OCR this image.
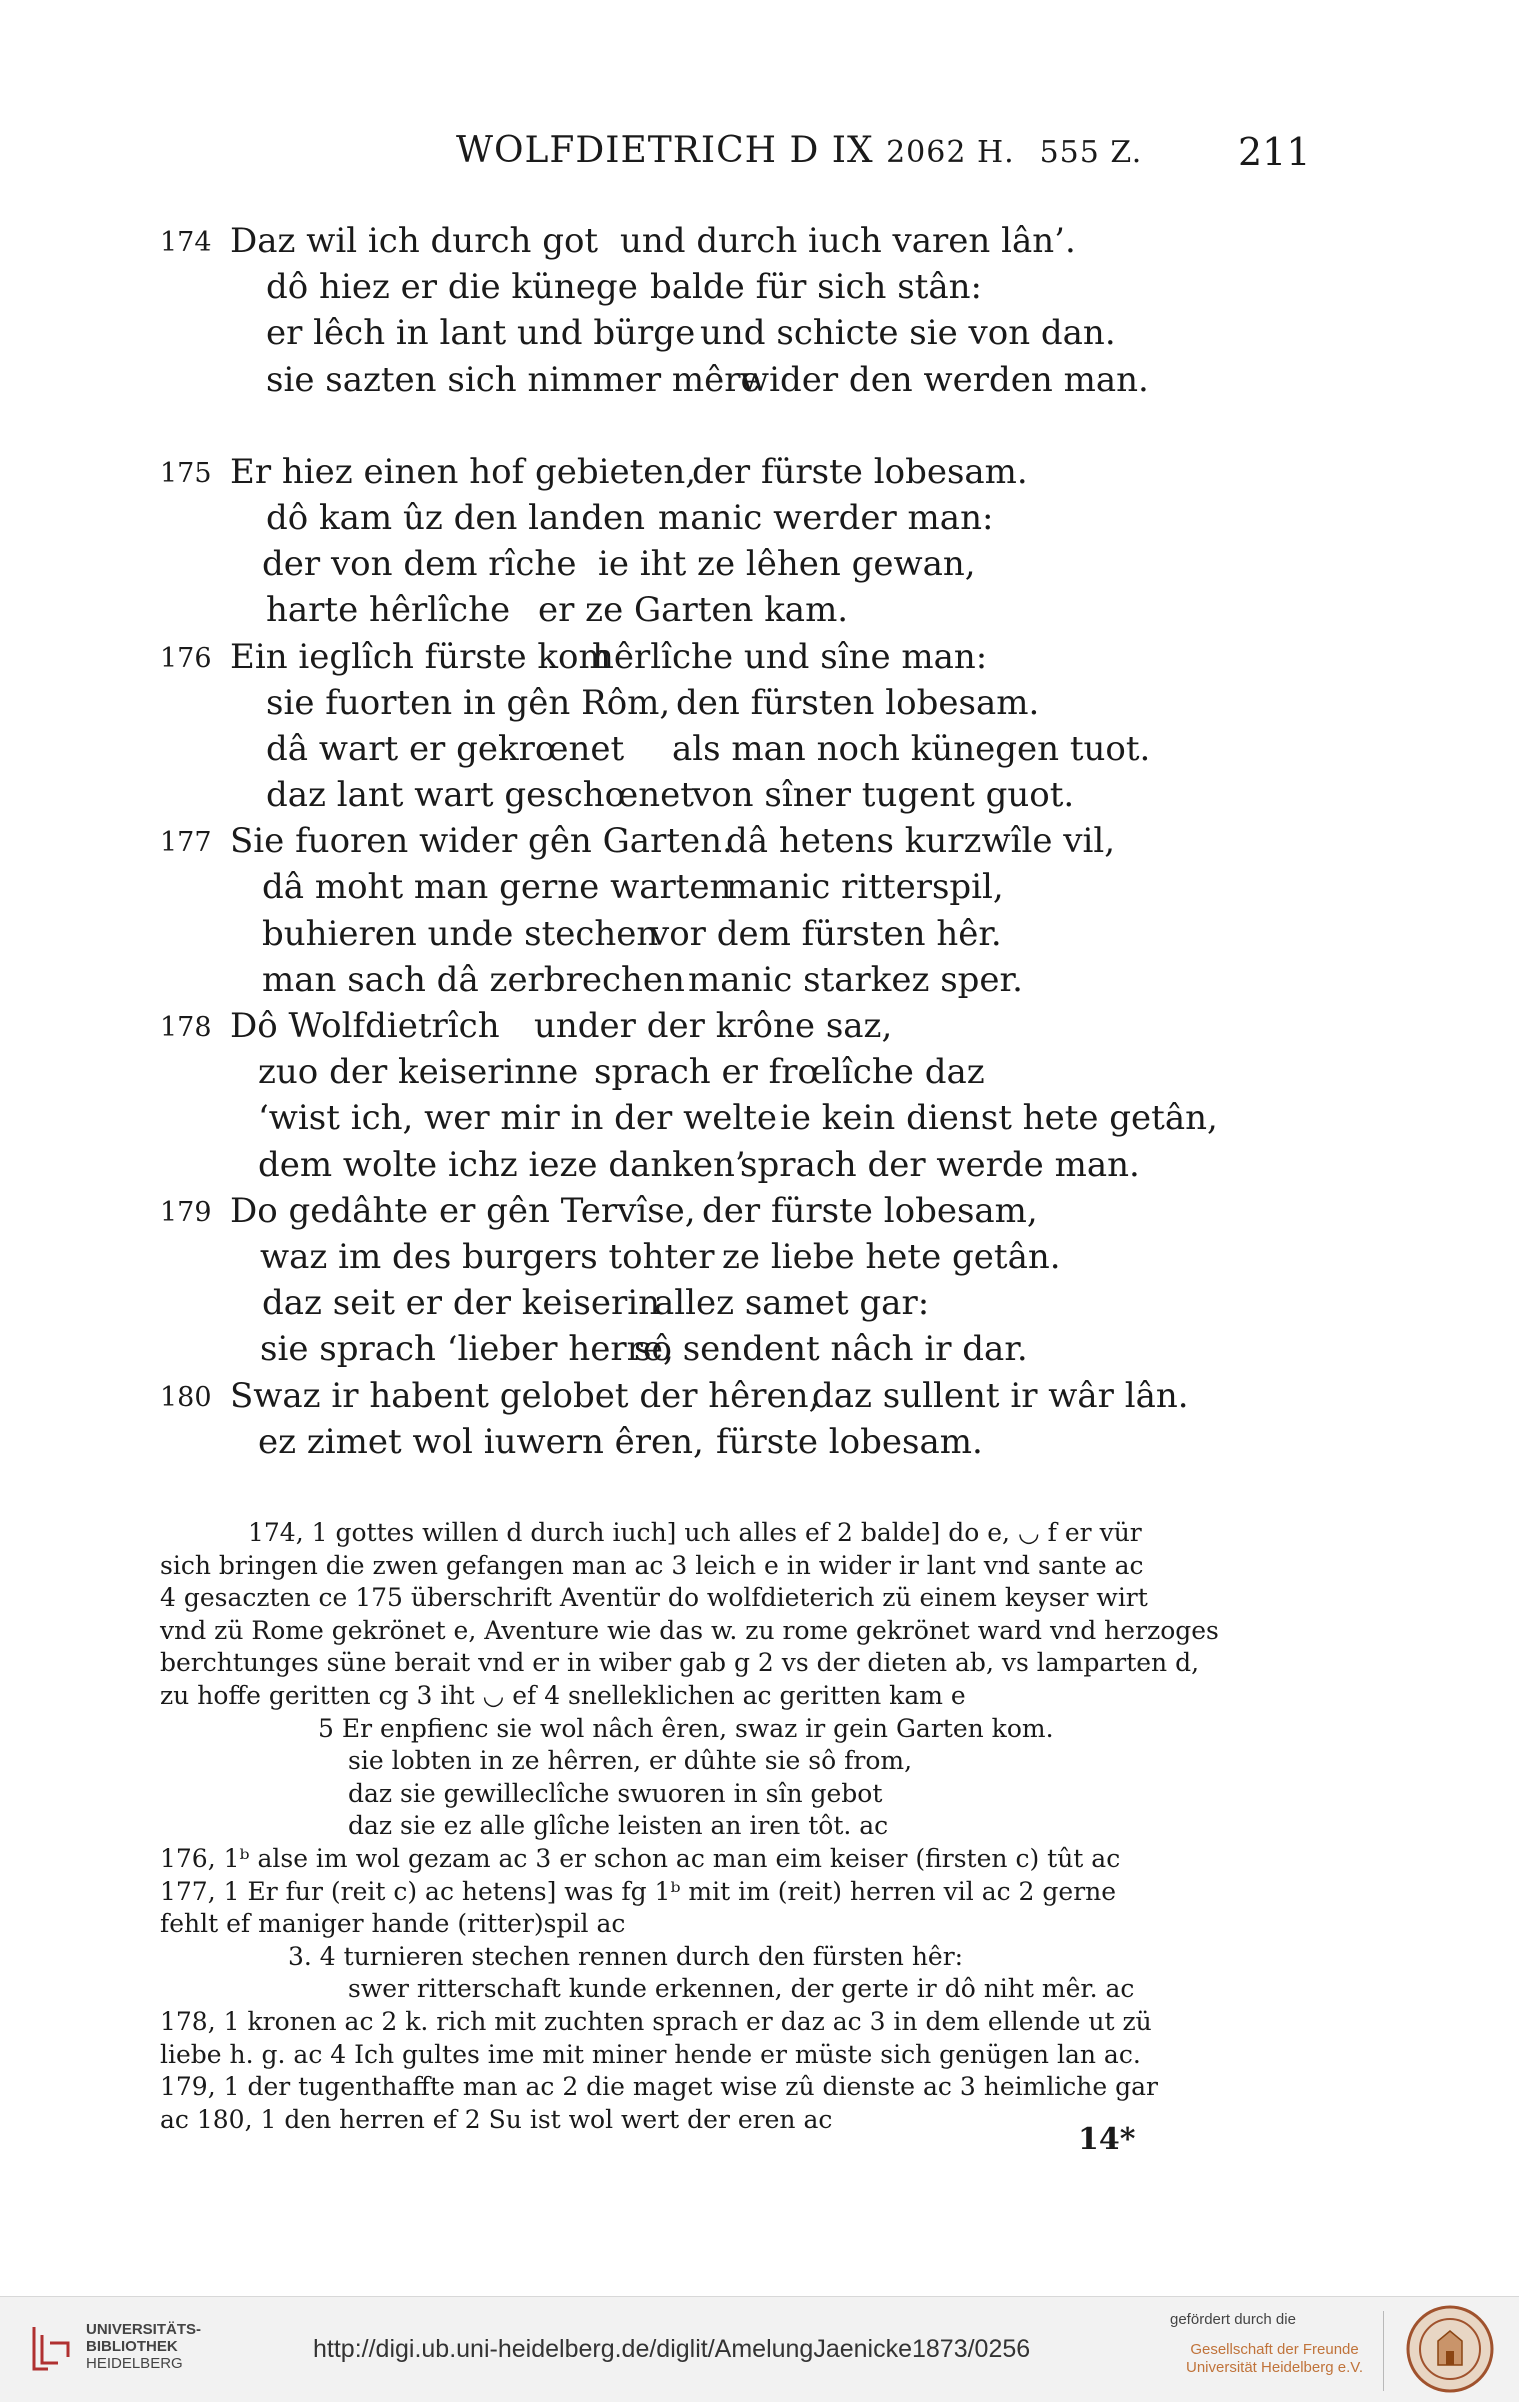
WOLFDIETRICH D IX 2062 H. 555 Z.	211
174 Daz wil ich durch got und durch iuch varen lân’.
dô hiez er die künege balde für sich stân:
er lêch in lant und bürge und schicte sie von dan.
sie sazten sich nimmer mêre
wider den werden man.
175 Er hiez einen hof gebieten,
der fürste lobesam.
dô kam ûz den landen manic werder man:
der von dem rîche ie iht ze lêhen gewan,
harte hêrlîche er ze Garten kam.
176 Ein ieglîch fürste kom
hêrlîche und sîne man:
sie fuorten in gên Rôm, den fürsten lobesam.
dâ wart er gekrœnet als man noch künegen tuot.
daz lant wart geschœnet
von sîner tugent guot.
177 Sie fuoren wider gên Garten.
dâ hetens kurzwîle vil,
dâ moht man gerne warten
manic ritterspil,
buhieren unde stechen
vor dem fürsten hêr.
man sach dâ zerbrechen manic starkez sper.
178 Dô Wolfdietrîch under der krône saz,
zuo der keiserinne sprach er frœlîche daz
‘wist ich, wer mir in der welte ie kein dienst hete getân,
dem wolte ichz ieze danken’
sprach der werde man.
179 Do gedâhte er gên Tervîse, der fürste lobesam,
waz im des burgers tohter ze liebe hete getân.
daz seit er der keiserin
allez samet gar:
sie sprach ‘lieber herre,
sô sendent nâch ir dar.
180 Swaz ir habent gelobet der hêren,
daz sullent ir wâr lân.
ez zimet wol iuwern êren, fürste lobesam.
174, 1 gottes willen d durch iuch] uch alles ef 2 balde] do e, ◡ f er vür
sich bringen die zwen gefangen man ac 3 leich e in wider ir lant vnd sante ac
4 gesaczten ce 175 überschrift Aventür do wolfdieterich zü einem keyser wirt
vnd zü Rome gekrönet e, Aventure wie das w. zu rome gekrönet ward vnd herzoges
berchtunges süne berait vnd er in wiber gab g 2 vs der dieten ab, vs lamparten d,
zu hoffe geritten cg 3 iht ◡ ef 4 snelleklichen ac geritten kam e
5 Er enpfienc sie wol nâch êren, swaz ir gein Garten kom.
sie lobten in ze hêrren, er dûhte sie sô from,
daz sie gewilleclîche swuoren in sîn gebot
daz sie ez alle glîche leisten an iren tôt. ac
176, 1ᵇ alse im wol gezam ac 3 er schon ac man eim keiser (firsten c) tût ac
177, 1 Er fur (reit c) ac hetens] was fg 1ᵇ mit im (reit) herren vil ac 2 gerne
fehlt ef maniger hande (ritter)spil ac
3. 4 turnieren stechen rennen durch den fürsten hêr:
swer ritterschaft kunde erkennen, der gerte ir dô niht mêr. ac
178, 1 kronen ac 2 k. rich mit zuchten sprach er daz ac 3 in dem ellende ut zü
liebe h. g. ac 4 Ich gultes ime mit miner hende er müste sich genügen lan ac.
179, 1 der tugenthaffte man ac 2 die maget wise zû dienste ac 3 heimliche gar
ac 180, 1 den herren ef 2 Su ist wol wert der eren ac
14*
UNIVERSITÄTS-
BIBLIOTHEK
HEIDELBERG
http://digi.ub.uni-heidelberg.de/diglit/AmelungJaenicke1873/0256
gefördert durch die
Gesellschaft der Freunde
Universität Heidelberg e.V.
